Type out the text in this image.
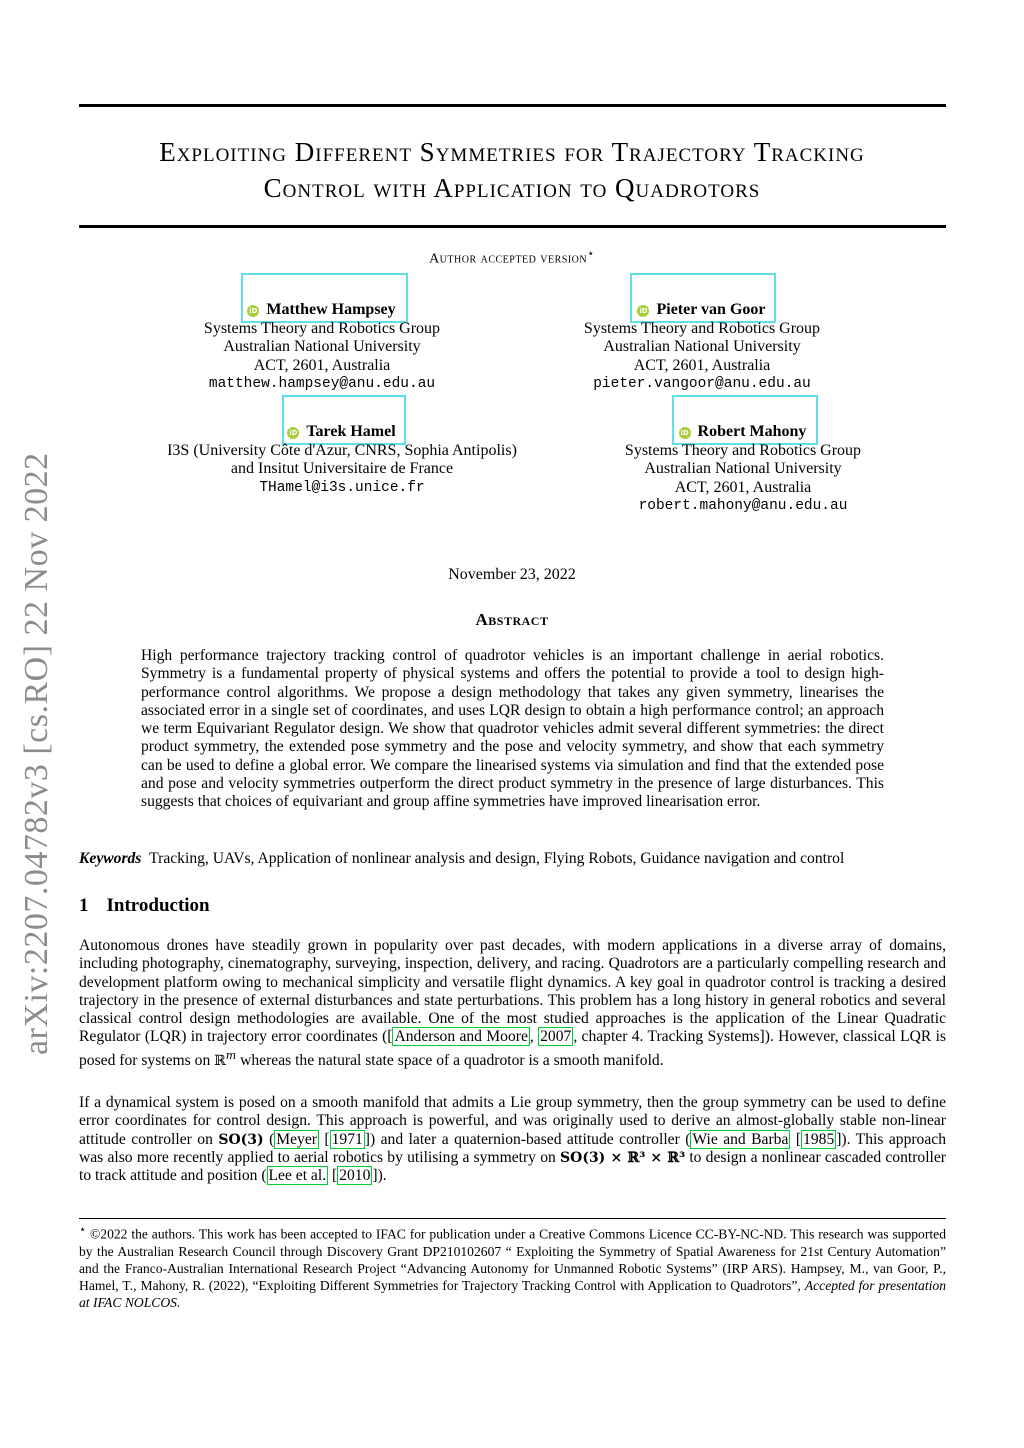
arXiv:2207.04782v3 [cs.RO] 22 Nov 2022
Exploiting Different Symmetries for Trajectory Tracking
Control with Application to Quadrotors
Author accepted version⋆
iD Matthew Hampsey
Systems Theory and Robotics Group
Australian National University
ACT, 2601, Australia
matthew.hampsey@anu.edu.au
iD Pieter van Goor
Systems Theory and Robotics Group
Australian National University
ACT, 2601, Australia
pieter.vangoor@anu.edu.au
iD Tarek Hamel
I3S (University Côte d'Azur, CNRS, Sophia Antipolis)
and Insitut Universitaire de France
THamel@i3s.unice.fr
iD Robert Mahony
Systems Theory and Robotics Group
Australian National University
ACT, 2601, Australia
robert.mahony@anu.edu.au
November 23, 2022
Abstract
High performance trajectory tracking control of quadrotor vehicles is an important challenge in aerial robotics. Symmetry is a fundamental property of physical systems and offers the potential to provide a tool to design high-performance control algorithms. We propose a design methodology that takes any given symmetry, linearises the associated error in a single set of coordinates, and uses LQR design to obtain a high performance control; an approach we term Equivariant Regulator design. We show that quadrotor vehicles admit several different symmetries: the direct product symmetry, the extended pose symmetry and the pose and velocity symmetry, and show that each symmetry can be used to define a global error. We compare the linearised systems via simulation and find that the extended pose and pose and velocity symmetries outperform the direct product symmetry in the presence of large disturbances. This suggests that choices of equivariant and group affine symmetries have improved linearisation error.
Keywords Tracking, UAVs, Application of nonlinear analysis and design, Flying Robots, Guidance navigation and control
1 Introduction
Autonomous drones have steadily grown in popularity over past decades, with modern applications in a diverse array of domains, including photography, cinematography, surveying, inspection, delivery, and racing. Quadrotors are a particularly compelling research and development platform owing to mechanical simplicity and versatile flight dynamics. A key goal in quadrotor control is tracking a desired trajectory in the presence of external disturbances and state perturbations. This problem has a long history in general robotics and several classical control design methodologies are available. One of the most studied approaches is the application of the Linear Quadratic Regulator (LQR) in trajectory error coordinates ([ Anderson and Moore , 2007 , chapter 4. Tracking Systems]). However, classical LQR is posed for systems on ℝ$^m$ whereas the natural state space of a quadrotor is a smooth manifold.
If a dynamical system is posed on a smooth manifold that admits a Lie group symmetry, then the group symmetry can be used to define error coordinates for control design. This approach is powerful, and was originally used to derive an almost-globally stable non-linear attitude controller on SO(3) ( Meyer [ 1971 ]) and later a quaternion-based attitude controller ( Wie and Barba [ 1985 ]). This approach was also more recently applied to aerial robotics by utilising a symmetry on SO(3) × ℝ³ × ℝ³ to design a nonlinear cascaded controller to track attitude and position ( Lee et al. [ 2010 ]).
⋆ ©2022 the authors. This work has been accepted to IFAC for publication under a Creative Commons Licence CC-BY-NC-ND. This research was supported by the Australian Research Council through Discovery Grant DP210102607 “ Exploiting the Symmetry of Spatial Awareness for 21st Century Automation” and the Franco-Australian International Research Project “Advancing Autonomy for Unmanned Robotic Systems” (IRP ARS). Hampsey, M., van Goor, P., Hamel, T., Mahony, R. (2022), “Exploiting Different Symmetries for Trajectory Tracking Control with Application to Quadrotors”, Accepted for presentation at IFAC NOLCOS.
